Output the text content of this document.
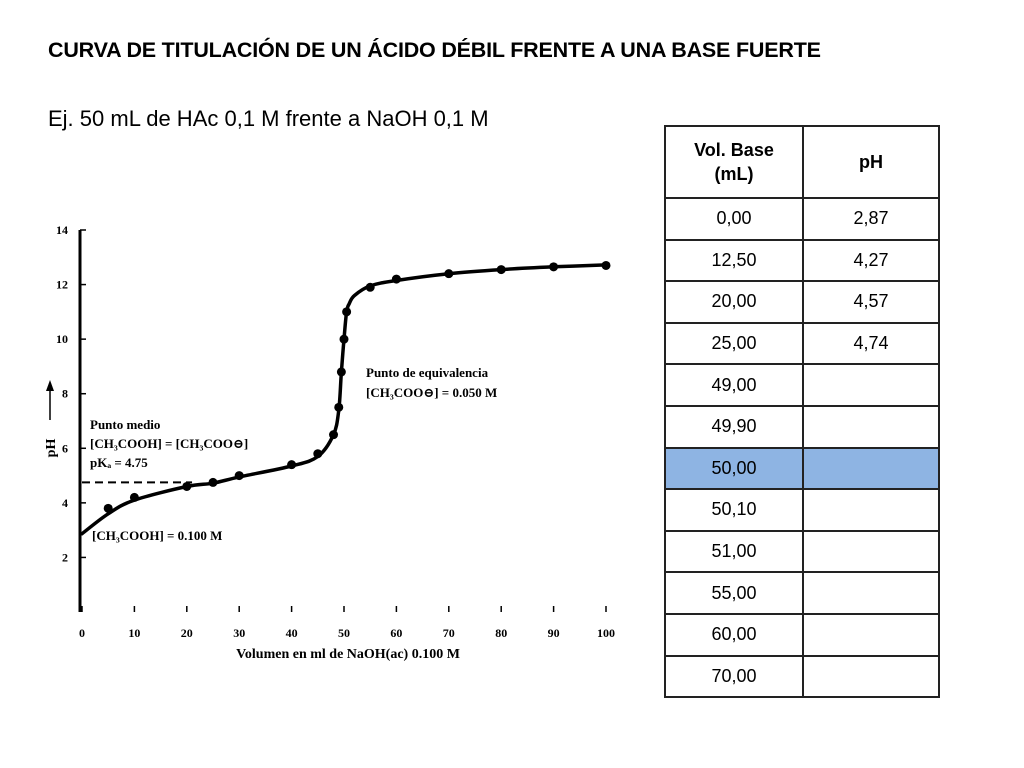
CURVA DE TITULACIÓN DE UN ÁCIDO DÉBIL FRENTE A UNA BASE FUERTE

Ej. 50 mL de HAc 0,1 M frente a NaOH 0,1 M

2
4
6
8
10
12
14
0	10	20	30	40	50	60	70	80	90	100
pH
Volumen en ml de NaOH(ac) 0.100 M
Punto medio
[CH₃COOH] = [CH₃COO⊖]
pKₐ = 4.75
Punto de equivalencia
[CH₃COO⊖] = 0.050 M
[CH₃COOH] = 0.100 M
Vol. Base
(mL)	pH
0,00	2,87
12,50	4,27
20,00	4,57
25,00	4,74
49,00	
49,90	
50,00	
50,10	
51,00	
55,00	
60,00	
70,00	
